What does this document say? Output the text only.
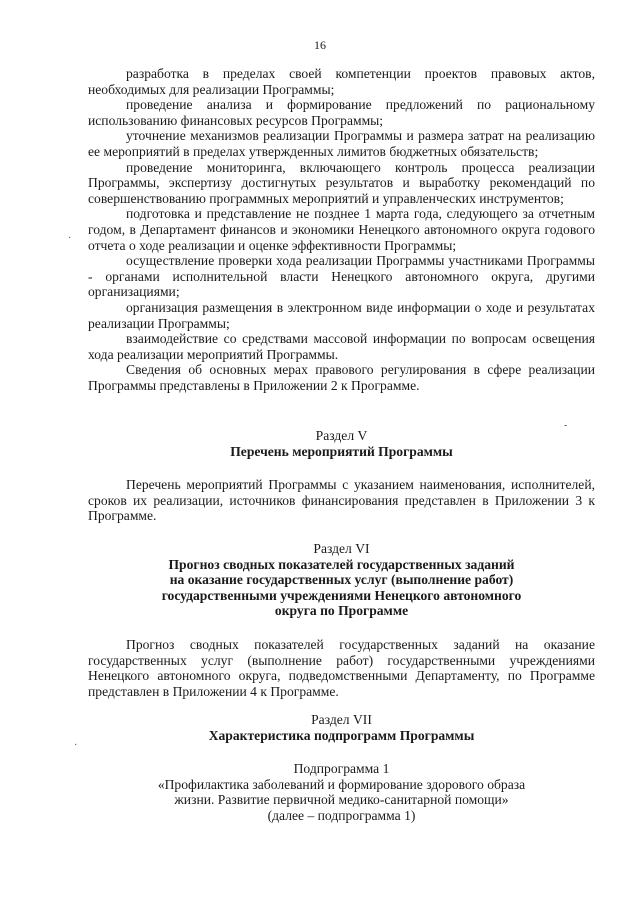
16

разработка в пределах своей компетенции проектов правовых актов, необходимых для реализации Программы;

проведение анализа и формирование предложений по рациональному использованию финансовых ресурсов Программы;

уточнение механизмов реализации Программы и размера затрат на реализацию ее мероприятий в пределах утвержденных лимитов бюджетных обязательств;

проведение мониторинга, включающего контроль процесса реализации Программы, экспертизу достигнутых результатов и выработку рекомендаций по совершенствованию программных мероприятий и управленческих инструментов;

подготовка и представление не позднее 1 марта года, следующего за отчетным годом, в Департамент финансов и экономики Ненецкого автономного округа годового отчета о ходе реализации и оценке эффективности Программы;

осуществление проверки хода реализации Программы участниками Программы - органами исполнительной власти Ненецкого автономного округа, другими организациями;

организация размещения в электронном виде информации о ходе и результатах реализации Программы;

взаимодействие со средствами массовой информации по вопросам освещения хода реализации мероприятий Программы.

Сведения об основных мерах правового регулирования в сфере реализации Программы представлены в Приложении 2 к Программе.

Раздел V
Перечень мероприятий Программы

Перечень мероприятий Программы с указанием наименования, исполнителей, сроков их реализации, источников финансирования представлен в Приложении 3 к Программе.

Раздел VI
Прогноз сводных показателей государственных заданий
на оказание государственных услуг (выполнение работ)
государственными учреждениями Ненецкого автономного
округа по Программе

Прогноз сводных показателей государственных заданий на оказание государственных услуг (выполнение работ) государственными учреждениями Ненецкого автономного округа, подведомственными Департаменту, по Программе представлен в Приложении 4 к Программе.

Раздел VII
Характеристика подпрограмм Программы
Подпрограмма 1
«Профилактика заболеваний и формирование здорового образа
жизни. Развитие первичной медико-санитарной помощи»
(далее – подпрограмма 1)
·
-
·
